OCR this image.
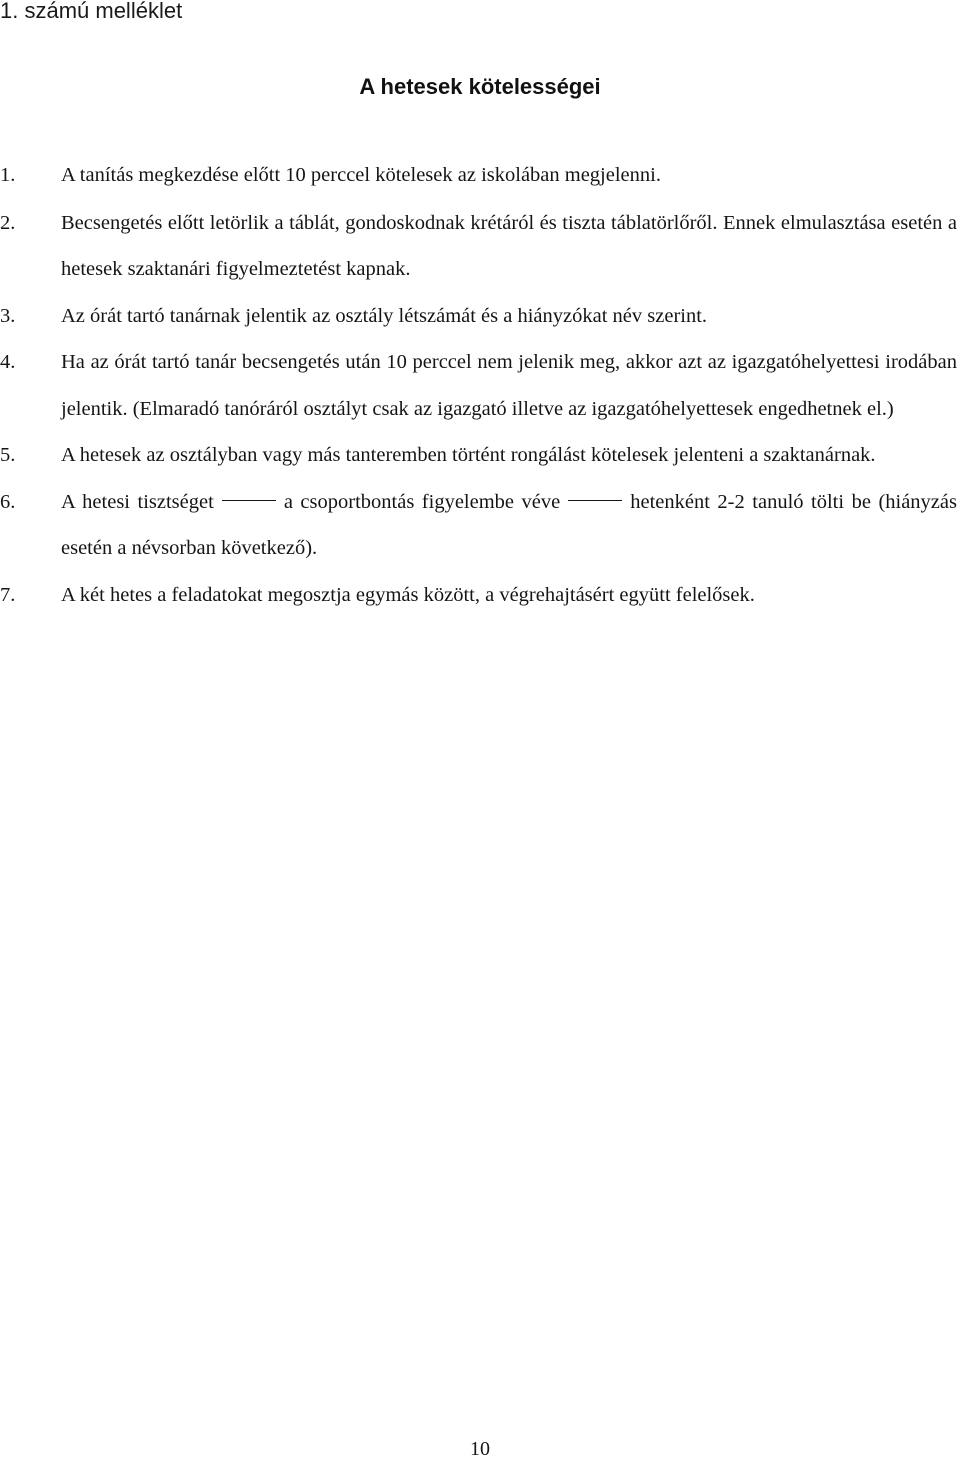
1. számú melléklet
A hetesek kötelességei
1. A tanítás megkezdése előtt 10 perccel kötelesek az iskolában megjelenni.
2. Becsengetés előtt letörlik a táblát, gondoskodnak krétáról és tiszta táblatörlőről. Ennek elmulasztása esetén a hetesek szaktanári figyelmeztetést kapnak.
3. Az órát tartó tanárnak jelentik az osztály létszámát és a hiányzókat név szerint.
4. Ha az órát tartó tanár becsengetés után 10 perccel nem jelenik meg, akkor azt az igazgatóhelyettesi irodában jelentik. (Elmaradó tanóráról osztályt csak az igazgató illetve az igazgatóhelyettesek engedhetnek el.)
5. A hetesek az osztályban vagy más tanteremben történt rongálást kötelesek jelenteni a szaktanárnak.
6. A hetesi tisztséget	a csoportbontás figyelembe véve	hetenként 2-2 tanuló tölti be (hiányzás esetén a névsorban következő).
7. A két hetes a feladatokat megosztja egymás között, a végrehajtásért együtt felelősek.
10
